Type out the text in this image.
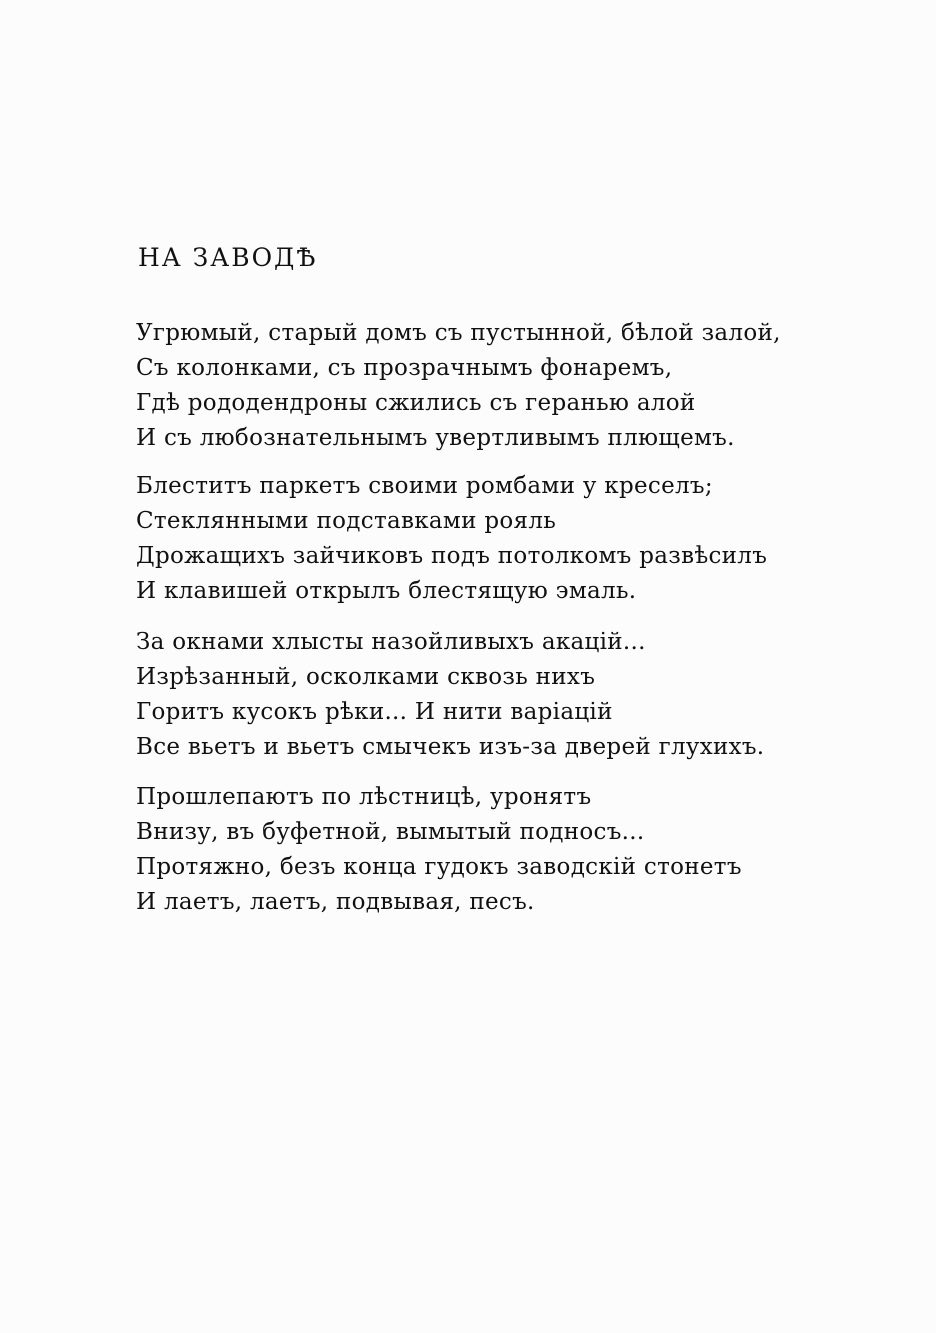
НА ЗАВОДѢ
Угрюмый, старый домъ съ пустынной, бѣлой залой,
Съ колонками, съ прозрачнымъ фонаремъ,
Гдѣ рододендроны сжились съ геранью алой
И съ любознательнымъ увертливымъ плющемъ.
Блеститъ паркетъ своими ромбами у креселъ;
Стеклянными подставками рояль
Дрожащихъ зайчиковъ подъ потолкомъ развѣсилъ
И клавишей открылъ блестящую эмаль.
За окнами хлысты назойливыхъ акацій...
Изрѣзанный, осколками сквозь нихъ
Горитъ кусокъ рѣки... И нити варіацій
Все вьетъ и вьетъ смычекъ изъ-за дверей глухихъ.
Прошлепаютъ по лѣстницѣ, уронятъ
Внизу, въ буфетной, вымытый подносъ...
Протяжно, безъ конца гудокъ заводскій стонетъ
И лаетъ, лаетъ, подвывая, песъ.
